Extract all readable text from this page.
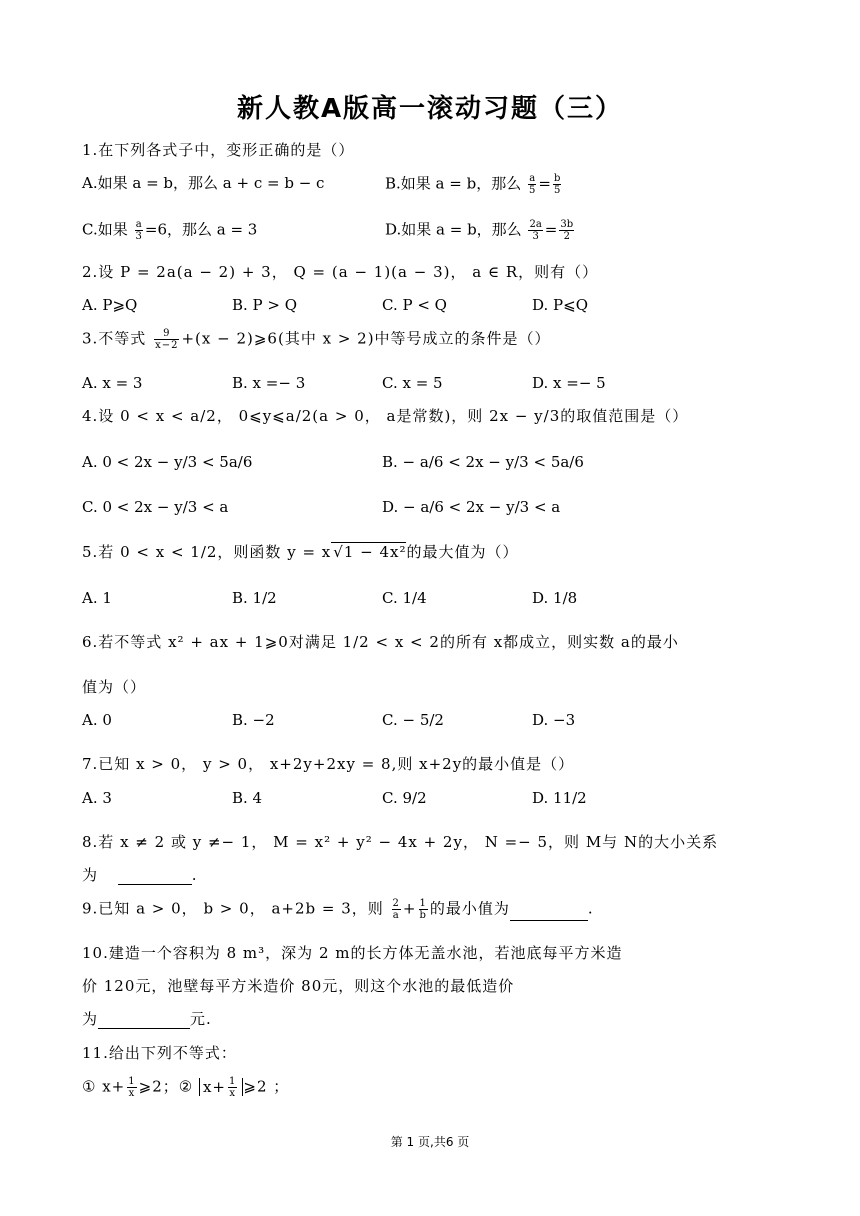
新人教A版高一滚动习题（三）
1.在下列各式子中，变形正确的是（）
A.如果 a = b，那么 a + c = b − c	B.如果 a = b，那么 $\frac{a}{5} = \frac{b}{5}$
C.如果 $\frac{a}{3} =6$，那么 a = 3	D.如果 a = b，那么 $\frac{2a}{3} = \frac{3b}{2}$
2.设 P = 2a(a − 2) + 3， Q = (a − 1)(a − 3)， a ∈ R，则有（）
A. P⩾Q	B. P > Q	C. P < Q	D. P⩽Q
3.不等式 $\frac{9}{x-2} +(x$ − 2)⩾6(其中 x > 2)中等号成立的条件是（）
A. x = 3	B. x =− 3	C. x = 5	D. x =− 5
4.设 0 < x < a/2， 0⩽y⩽a/2(a > 0， a是常数)，则 2x − y/3的取值范围是（）
A. 0 < 2x − y/3 < 5a/6	B. − a/6 < 2x − y/3 < 5a/6
C. 0 < 2x − y/3 < a	D. − a/6 < 2x − y/3 < a
5.若 0 < x < 1/2，则函数 y = x √1 − 4x²的最大值为（）
A. 1	B. 1/2	C. 1/4	D. 1/8
6.若不等式 x² + ax + 1⩾0对满足 1/2 < x < 2的所有 x都成立，则实数 a的最小
值为（）
A. 0	B. −2	C. − 5/2	D. −3
7.已知 x > 0， y > 0， x+2y+2xy = 8,则 x+2y的最小值是（）
A. 3	B. 4	C. 9/2	D. 11/2
8.若 x ≠ 2 或 y ≠− 1， M = x² + y² − 4x + 2y， N =− 5，则 M与 N的大小关系
为	.
9.已知 a > 0， b > 0， a+2b = 3，则 $\frac{2}{a} + \frac{1}{b}$ 的最小值为	.
10.建造一个容积为 8 m³，深为 2 m的长方体无盖水池，若池底每平方米造
价 120元，池壁每平方米造价 80元，则这个水池的最低造价
为	元.
11.给出下列不等式：
① $x+ \frac{1}{x}$ ⩾2；② $x+ \frac{1}{x}$ ⩾2 ；
第 1 页,共6 页
